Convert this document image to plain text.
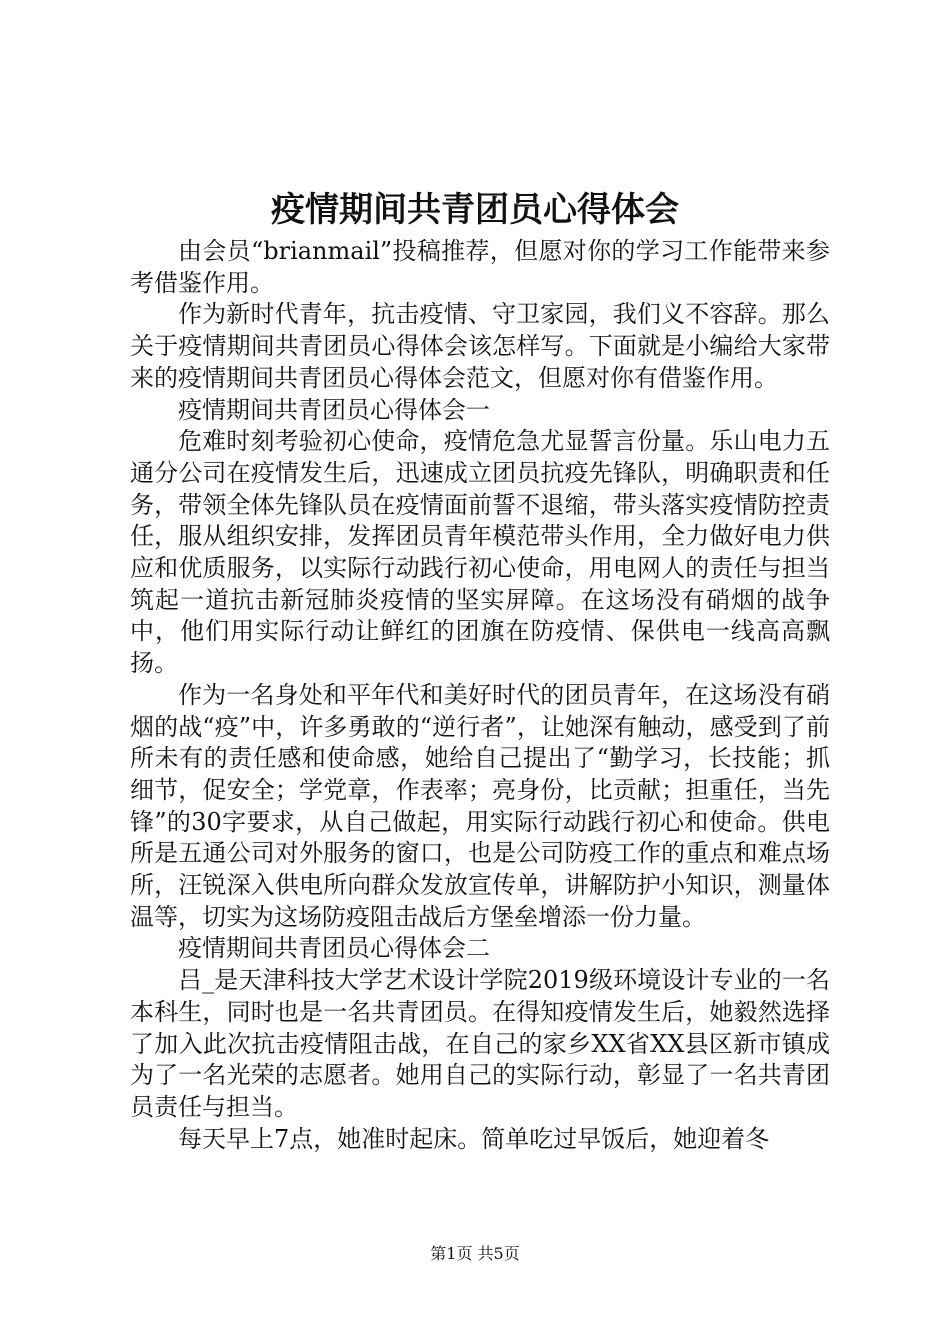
疫情期间共青团员心得体会

由会员“brianmail”投稿推荐，但愿对你的学习工作能带来参考借鉴作用。

作为新时代青年，抗击疫情、守卫家园，我们义不容辞。那么关于疫情期间共青团员心得体会该怎样写。下面就是小编给大家带来的疫情期间共青团员心得体会范文，但愿对你有借鉴作用。

疫情期间共青团员心得体会一

危难时刻考验初心使命，疫情危急尤显誓言份量。乐山电力五通分公司在疫情发生后，迅速成立团员抗疫先锋队，明确职责和任务，带领全体先锋队员在疫情面前誓不退缩，带头落实疫情防控责任，服从组织安排，发挥团员青年模范带头作用，全力做好电力供应和优质服务，以实际行动践行初心使命，用电网人的责任与担当筑起一道抗击新冠肺炎疫情的坚实屏障。在这场没有硝烟的战争中，他们用实际行动让鲜红的团旗在防疫情、保供电一线高高飘扬。

作为一名身处和平年代和美好时代的团员青年，在这场没有硝烟的战“疫”中，许多勇敢的“逆行者”，让她深有触动，感受到了前所未有的责任感和使命感，她给自己提出了“勤学习，长技能；抓细节，促安全；学党章，作表率；亮身份，比贡献；担重任，当先锋”的30字要求，从自己做起，用实际行动践行初心和使命。供电所是五通公司对外服务的窗口，也是公司防疫工作的重点和难点场所，汪锐深入供电所向群众发放宣传单，讲解防护小知识，测量体温等，切实为这场防疫阻击战后方堡垒增添一份力量。

疫情期间共青团员心得体会二

吕_是天津科技大学艺术设计学院2019级环境设计专业的一名本科生，同时也是一名共青团员。在得知疫情发生后，她毅然选择了加入此次抗击疫情阻击战，在自己的家乡XX省XX县区新市镇成为了一名光荣的志愿者。她用自己的实际行动，彰显了一名共青团员责任与担当。

每天早上7点，她准时起床。简单吃过早饭后，她迎着冬

第1页 共5页
